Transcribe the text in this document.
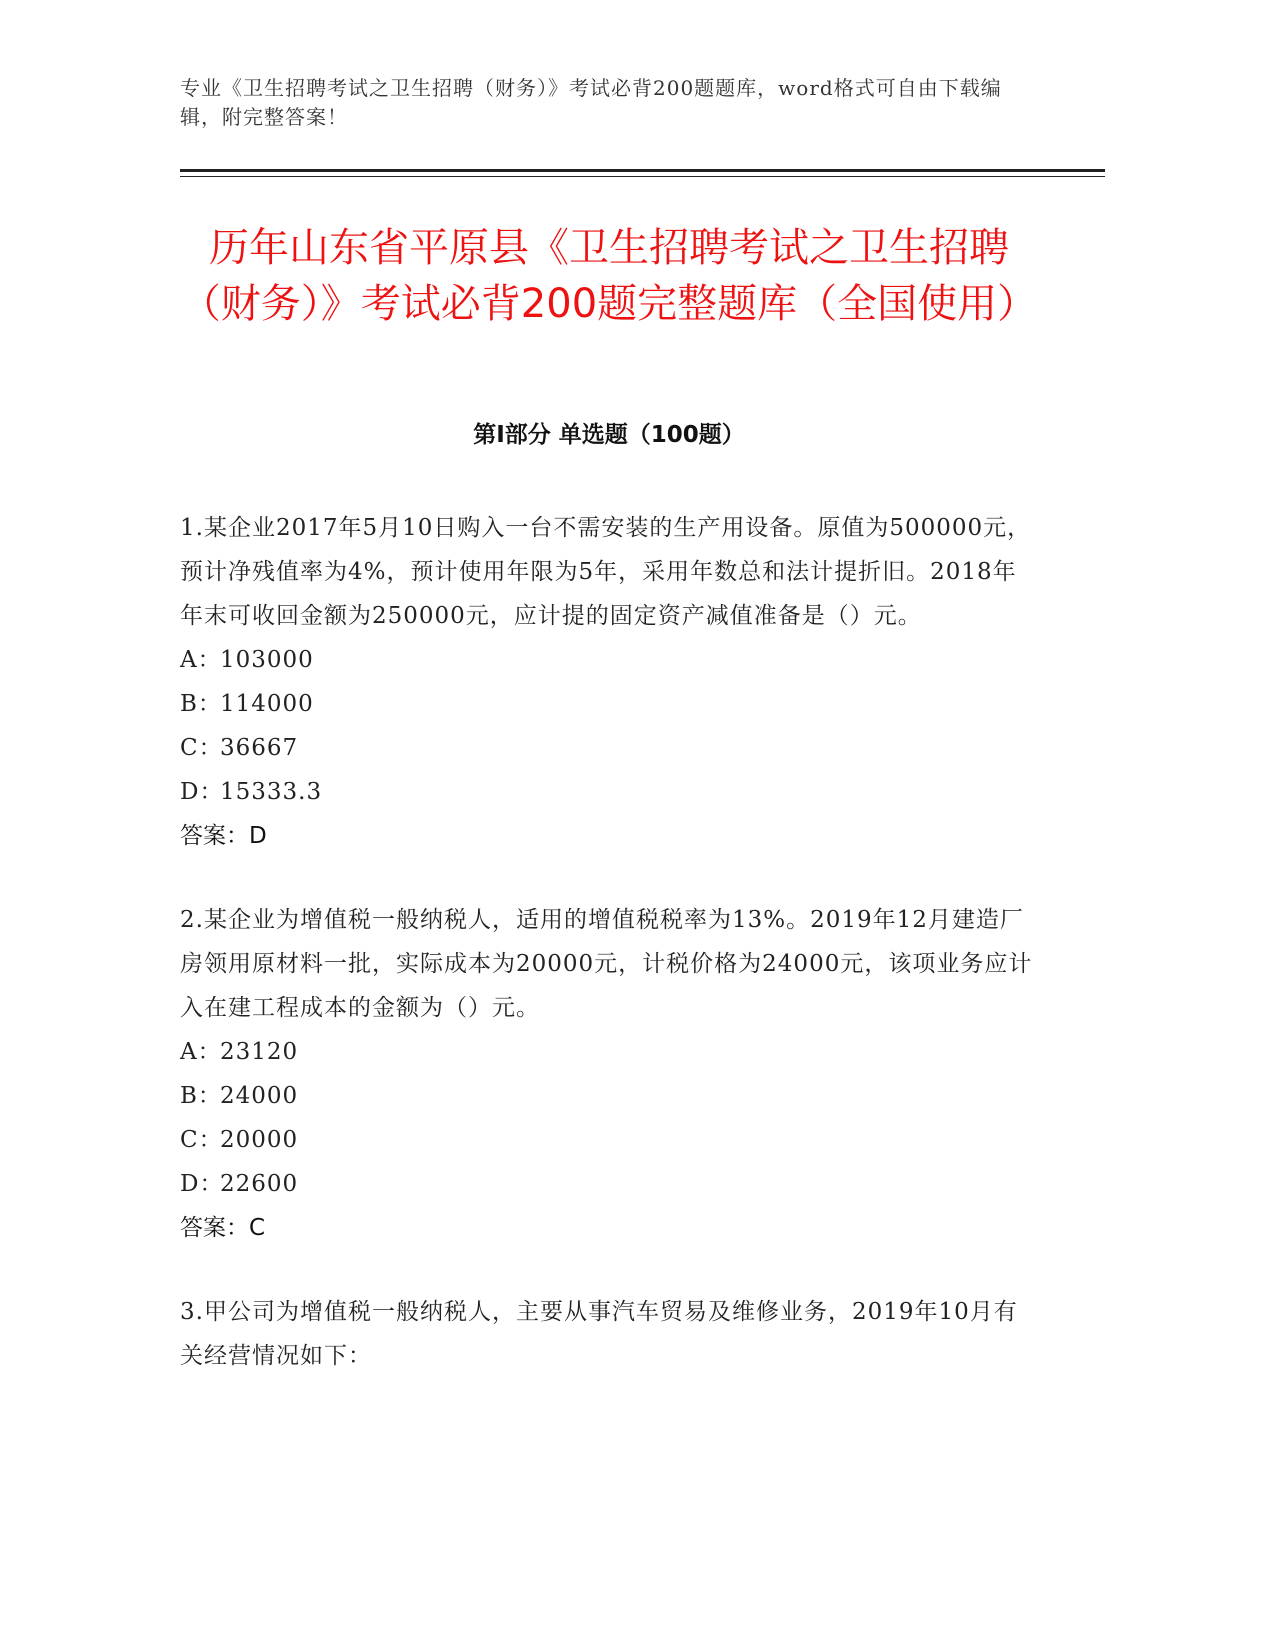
专业《卫生招聘考试之卫生招聘（财务）》考试必背200题题库，word格式可自由下载编辑，附完整答案！
历年山东省平原县《卫生招聘考试之卫生招聘（财务）》考试必背200题完整题库（全国使用）
第I部分 单选题（100题）

1.某企业2017年5月10日购入一台不需安装的生产用设备。原值为500000元，预计净残值率为4%，预计使用年限为5年，采用年数总和法计提折旧。2018年年末可收回金额为250000元，应计提的固定资产减值准备是（）元。

A：103000
B：114000
C：36667
D：15333.3
答案：D

2.某企业为增值税一般纳税人，适用的增值税税率为13%。2019年12月建造厂房领用原材料一批，实际成本为20000元，计税价格为24000元，该项业务应计入在建工程成本的金额为（）元。

A：23120
B：24000
C：20000
D：22600
答案：C

3.甲公司为增值税一般纳税人，主要从事汽车贸易及维修业务，2019年10月有关经营情况如下：
